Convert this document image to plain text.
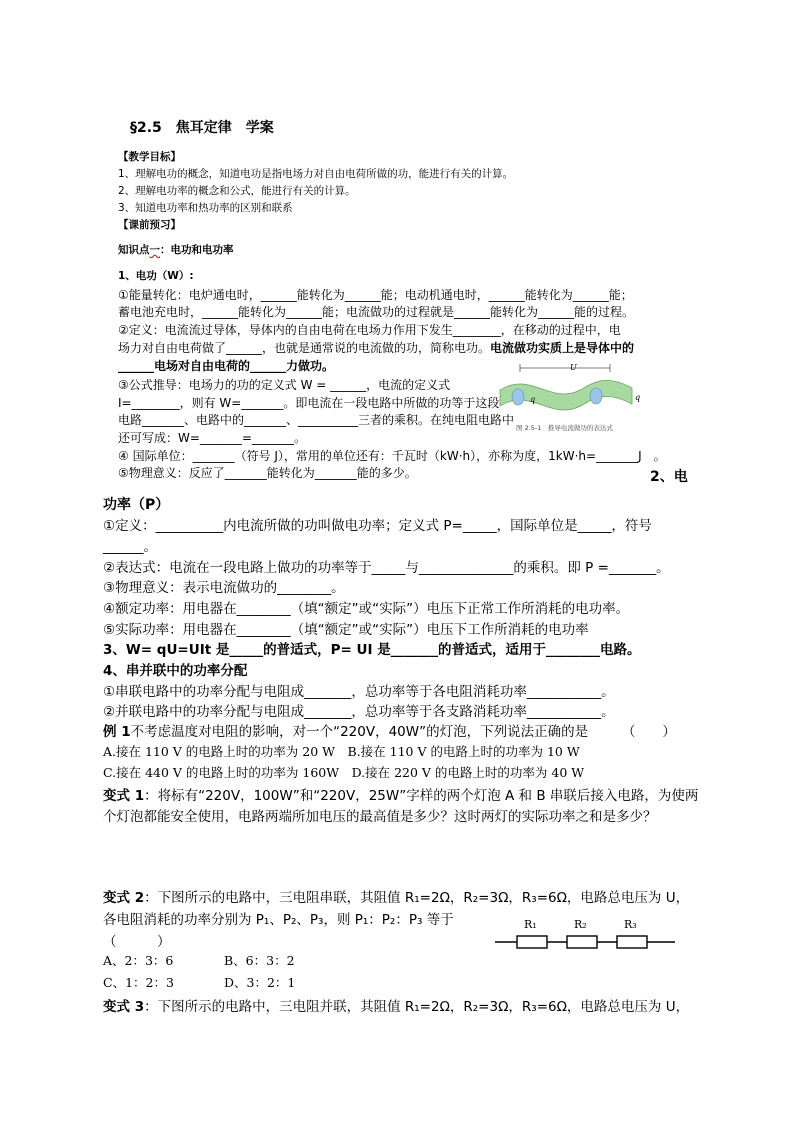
§2.5　焦耳定律　学案
【教学目标】
1、理解电功的概念，知道电功是指电场力对自由电荷所做的功，能进行有关的计算。
2、理解电功率的概念和公式，能进行有关的计算。
3、知道电功率和热功率的区别和联系
【课前预习】
知识点一：电功和电功率
1、电功（W）:
①能量转化：电炉通电时，______能转化为______能；电动机通电时，______能转化为______能；
蓄电池充电时，______能转化为______能；电流做功的过程就是______能转化为______能的过程。
②定义：电流流过导体，导体内的自由电荷在电场力作用下发生________，在移动的过程中，电
场力对自由电荷做了______，也就是通常说的电流做的功，简称电功。电流做功实质上是导体中的
______电场对自由电荷的______力做功。
③公式推导：电场力的功的定义式 W = ______，电流的定义式
I=________，则有 W=_______。即电流在一段电路中所做的功等于这段
电路_______、电路中的_______、__________三者的乘积。在纯电阻电路中
还可写成：W=_______=_______。
U
q	q
图 2.5-1　推导电流做功的表达式
④ 国际单位：_______（符号 J），常用的单位还有：千瓦时（kW·h），亦称为度，1kW·h=_______J　。
⑤物理意义：反应了_______能转化为_______能的多少。	2、电
功率（P）
①定义：__________内电流所做的功叫做电功率；定义式 P=_____，国际单位是_____，符号
______。
②表达式：电流在一段电路上做功的功率等于_____与______________的乘积。即 P =_______。
③物理意义：表示电流做功的________。
④额定功率：用电器在________（填“额定”或“实际”）电压下正常工作所消耗的电功率。
⑤实际功率：用电器在________（填“额定”或“实际”）电压下工作所消耗的电功率
3、W= qU=UIt 是_____的普适式，P= UI 是_______的普适式，适用于________电路。
4、串并联中的功率分配
①串联电路中的功率分配与电阻成_______，总功率等于各电阻消耗功率___________。
②并联电路中的功率分配与电阻成_______，总功率等于各支路消耗功率___________。
例 1不考虑温度对电阻的影响，对一个“220V，40W”的灯泡，下列说法正确的是　　　（　　）
A.接在 110 V 的电路上时的功率为 20 W　B.接在 110 V 的电路上时的功率为 10 W
C.接在 440 V 的电路上时的功率为 160W　D.接在 220 V 的电路上时的功率为 40 W
变式 1：将标有“220V，100W”和“220V，25W”字样的两个灯泡 A 和 B 串联后接入电路，为使两
个灯泡都能安全使用，电路两端所加电压的最高值是多少？这时两灯的实际功率之和是多少？
变式 2：下图所示的电路中，三电阻串联，其阻值 R₁=2Ω，R₂=3Ω，R₃=6Ω，电路总电压为 U，
各电阻消耗的功率分别为 P₁、P₂、P₃，则 P₁：P₂：P₃ 等于
（　　　）
A、2：3：6	B、6：3：2
C、1：2：3	D、3：2：1
R₁	R₂	R₃
变式 3：下图所示的电路中，三电阻并联，其阻值 R₁=2Ω，R₂=3Ω，R₃=6Ω，电路总电压为 U，
